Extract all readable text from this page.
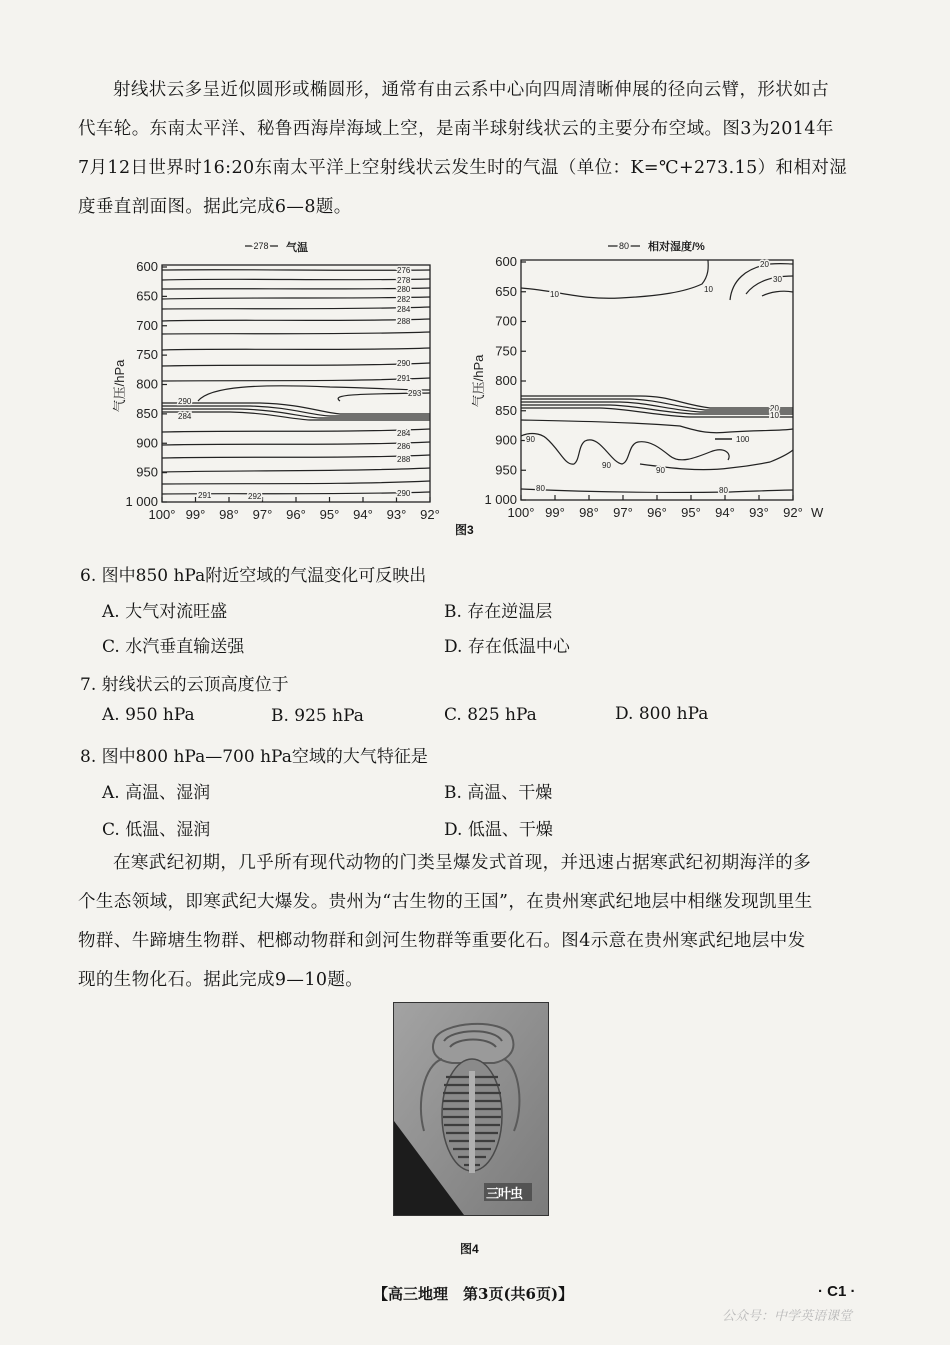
射线状云多呈近似圆形或椭圆形，通常有由云系中心向四周清晰伸展的径向云臂，形状如古
代车轮。东南太平洋、秘鲁西海岸海域上空，是南半球射线状云的主要分布空域。图3为2014年
7月12日世界时16:20东南太平洋上空射线状云发生时的气温（单位：K=℃+273.15）和相对湿
度垂直剖面图。据此完成6—8题。

278 气温
600
650
700
750
800
850
900
950
1 000
100° 99° 98° 97° 96° 95° 94° 93° 92°
气压/hPa
276
278
280
282
284
288
290
291
293
290
284
284
286
288
290
291	292
80 相对湿度/%
600
650
700
750
800
850
900
950
1 000
100° 99° 98° 97° 96° 95° 94° 93° 92° W
气压/hPa
10
10
20
30
20
10
100
90
90
90
80	80
图3
6. 图中850 hPa附近空域的气温变化可反映出
A. 大气对流旺盛	B. 存在逆温层
C. 水汽垂直输送强	D. 存在低温中心
7. 射线状云的云顶高度位于
A. 950 hPa	B. 925 hPa	C. 825 hPa	D. 800 hPa
8. 图中800 hPa—700 hPa空域的大气特征是
A. 高温、湿润	B. 高温、干燥
C. 低温、湿润	D. 低温、干燥

在寒武纪初期，几乎所有现代动物的门类呈爆发式首现，并迅速占据寒武纪初期海洋的多
个生态领域，即寒武纪大爆发。贵州为“古生物的王国”，在贵州寒武纪地层中相继发现凯里生
物群、牛蹄塘生物群、杷榔动物群和剑河生物群等重要化石。图4示意在贵州寒武纪地层中发
现的生物化石。据此完成9—10题。

三叶虫
图4
【高三地理　第3页(共6页)】	· C1 ·
公众号：中学英语课堂
